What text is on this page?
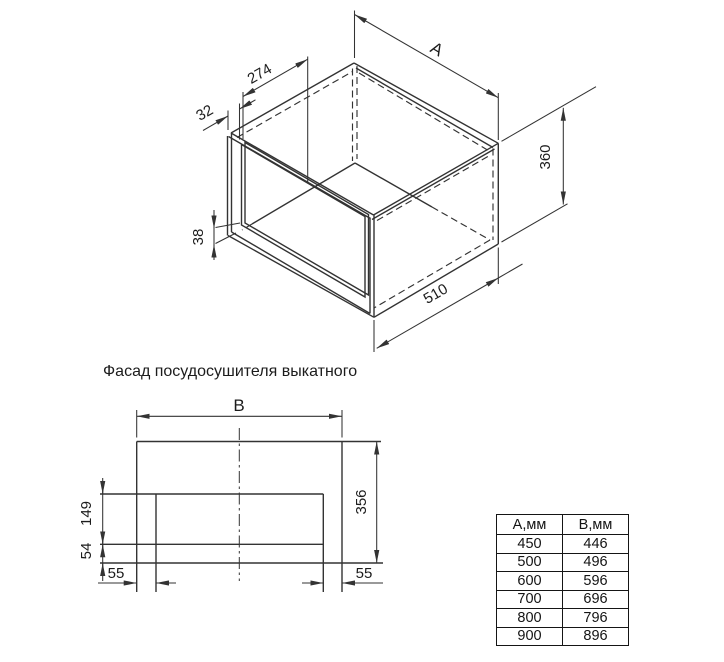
A
274
32
38
360
510
B
149
54
55	55
356
Фасад посудосушителя выкатного
А,мм	В,мм
450	446
500	496
600	596
700	696
800	796
900	896
